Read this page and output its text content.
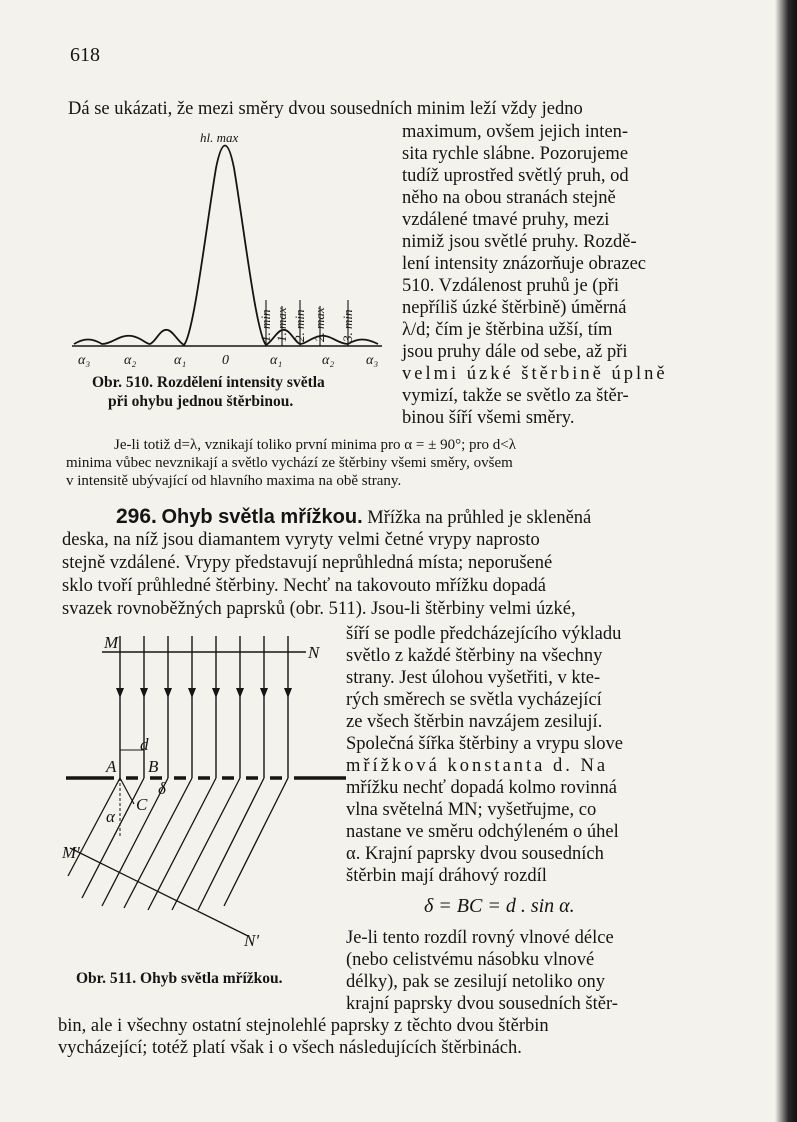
618
Dá se ukázati, že mezi směry dvou sousedních minim leží vždy jedno
hl. max
1. min 1. max 2. min 2. max 3. min
α₃ α₂	α₁	0	α₁	α₂ α₃
Obr. 510. Rozdělení intensity světla
při ohybu jednou štěrbinou.
maximum, ovšem jejich inten-
sita rychle slábne. Pozorujeme
tudíž uprostřed světlý pruh, od
něho na obou stranách stejně
vzdálené tmavé pruhy, mezi
nimiž jsou světlé pruhy. Rozdě-
lení intensity znázorňuje obrazec
510. Vzdálenost pruhů je (při
nepříliš úzké štěrbině) úměrná
λ/d; čím je štěrbina užší, tím
jsou pruhy dále od sebe, až při
velmi úzké štěrbině úplně
vymizí, takže se světlo za štěr-
binou šíří všemi směry.
Je-li totiž d=λ, vznikají toliko první minima pro α = ± 90°; pro d<λ
minima vůbec nevznikají a světlo vychází ze štěrbiny všemi směry, ovšem
v intensitě ubývající od hlavního maxima na obě strany.
296. Ohyb světla mřížkou. Mřížka na průhled je skleněná
deska, na níž jsou diamantem vyryty velmi četné vrypy naprosto
stejně vzdálené. Vrypy představují neprůhledná místa; neporušené
sklo tvoří průhledné štěrbiny. Nechť na takovouto mřížku dopadá
svazek rovnoběžných paprsků (obr. 511). Jsou-li štěrbiny velmi úzké,
M
N
d
A B
C
δ
α
M'
N'
Obr. 511. Ohyb světla mřížkou.
šíří se podle předcházejícího výkladu
světlo z každé štěrbiny na všechny
strany. Jest úlohou vyšetřiti, v kte-
rých směrech se světla vycházející
ze všech štěrbin navzájem zesilují.
Společná šířka štěrbiny a vrypu slove
mřížková konstanta d. Na
mřížku nechť dopadá kolmo rovinná
vlna světelná MN; vyšetřujme, co
nastane ve směru odchýleném o úhel
α. Krajní paprsky dvou sousedních
štěrbin mají dráhový rozdíl
δ = BC = d . sin α.
Je-li tento rozdíl rovný vlnové délce
(nebo celistvému násobku vlnové
délky), pak se zesilují netoliko ony
krajní paprsky dvou sousedních štěr-
bin, ale i všechny ostatní stejnolehlé paprsky z těchto dvou štěrbin
vycházející; totéž platí však i o všech následujících štěrbinách.
